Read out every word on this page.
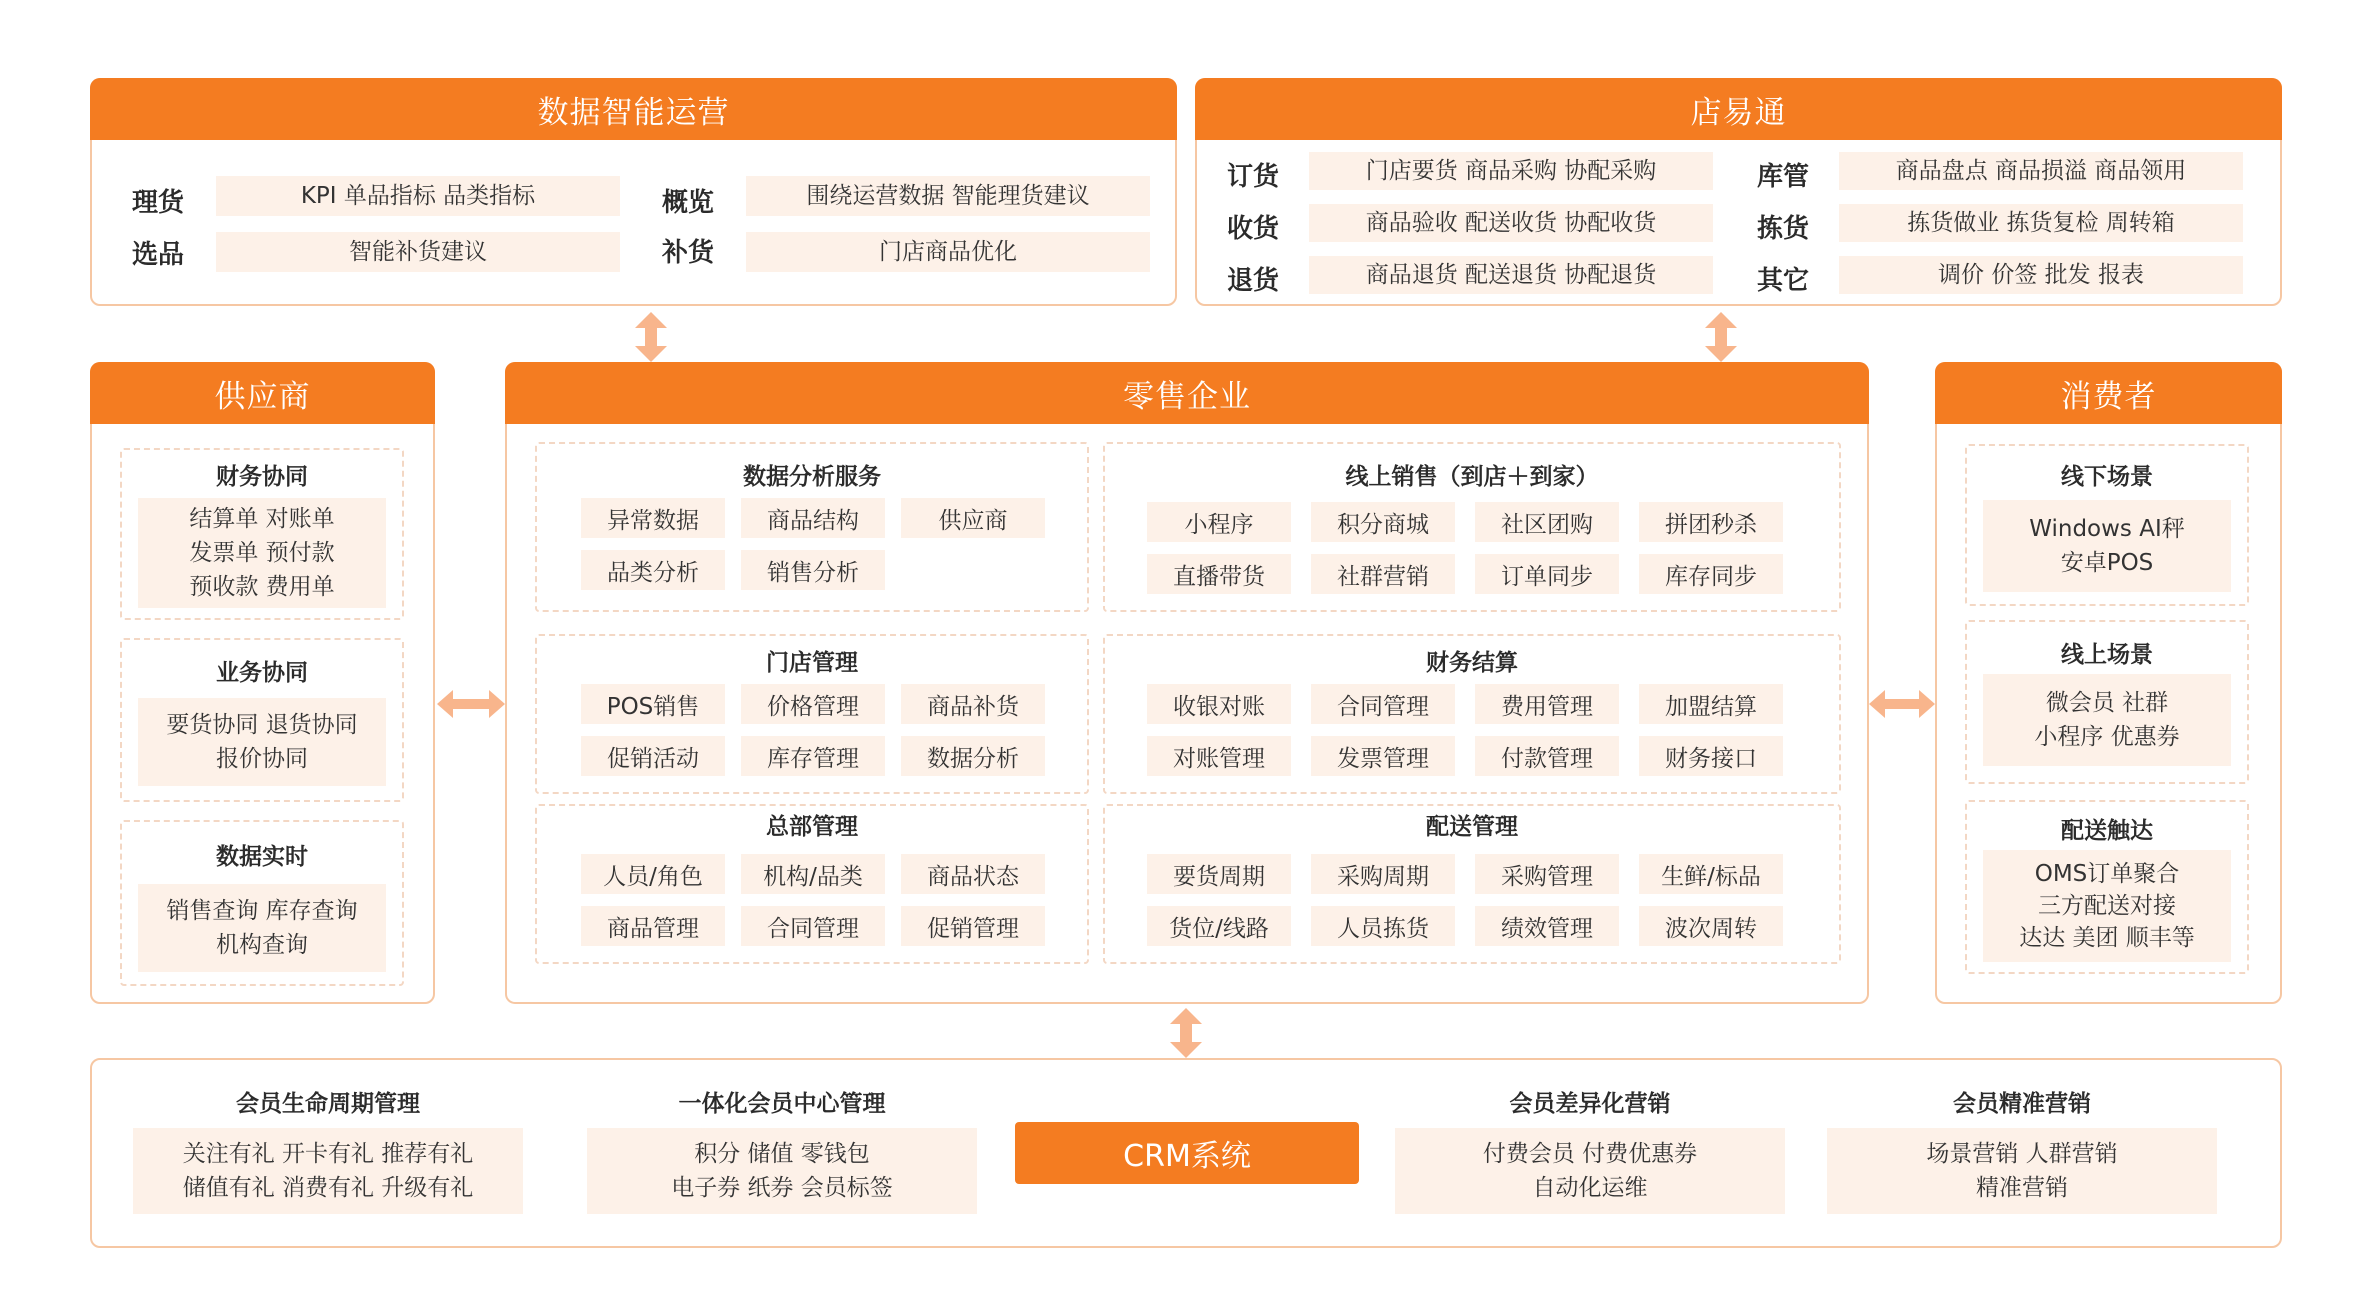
数据智能运营
理货	KPI 单品指标 品类指标
选品	智能补货建议
概览	围绕运营数据 智能理货建议
补货	门店商品优化
店易通
订货	门店要货 商品采购 协配采购
收货	商品验收 配送收货 协配收货
退货	商品退货 配送退货 协配退货
库管	商品盘点 商品损溢 商品领用
拣货	拣货做业 拣货复检 周转箱
其它	调价 价签 批发 报表
供应商
财务协同
结算单 对账单
发票单 预付款
预收款 费用单
业务协同
要货协同 退货协同
报价协同
数据实时
销售查询 库存查询
机构查询
零售企业
数据分析服务
异常数据	商品结构	供应商
品类分析	销售分析
线上销售（到店＋到家）
小程序	积分商城	社区团购	拼团秒杀
直播带货	社群营销	订单同步	库存同步
门店管理
POS销售	价格管理	商品补货
促销活动	库存管理	数据分析
财务结算
收银对账	合同管理	费用管理	加盟结算
对账管理	发票管理	付款管理	财务接口
总部管理
人员/角色	机构/品类	商品状态
商品管理	合同管理	促销管理
配送管理
要货周期	采购周期	采购管理	生鲜/标品
货位/线路	人员拣货	绩效管理	波次周转
消费者
线下场景
Windows AI秤
安卓POS
线上场景
微会员 社群
小程序 优惠券
配送触达
OMS订单聚合
三方配送对接
达达 美团 顺丰等
会员生命周期管理
关注有礼 开卡有礼 推荐有礼
储值有礼 消费有礼 升级有礼
一体化会员中心管理
积分 储值 零钱包
电子券 纸券 会员标签
CRM系统
会员差异化营销
付费会员 付费优惠券
自动化运维
会员精准营销
场景营销 人群营销
精准营销
